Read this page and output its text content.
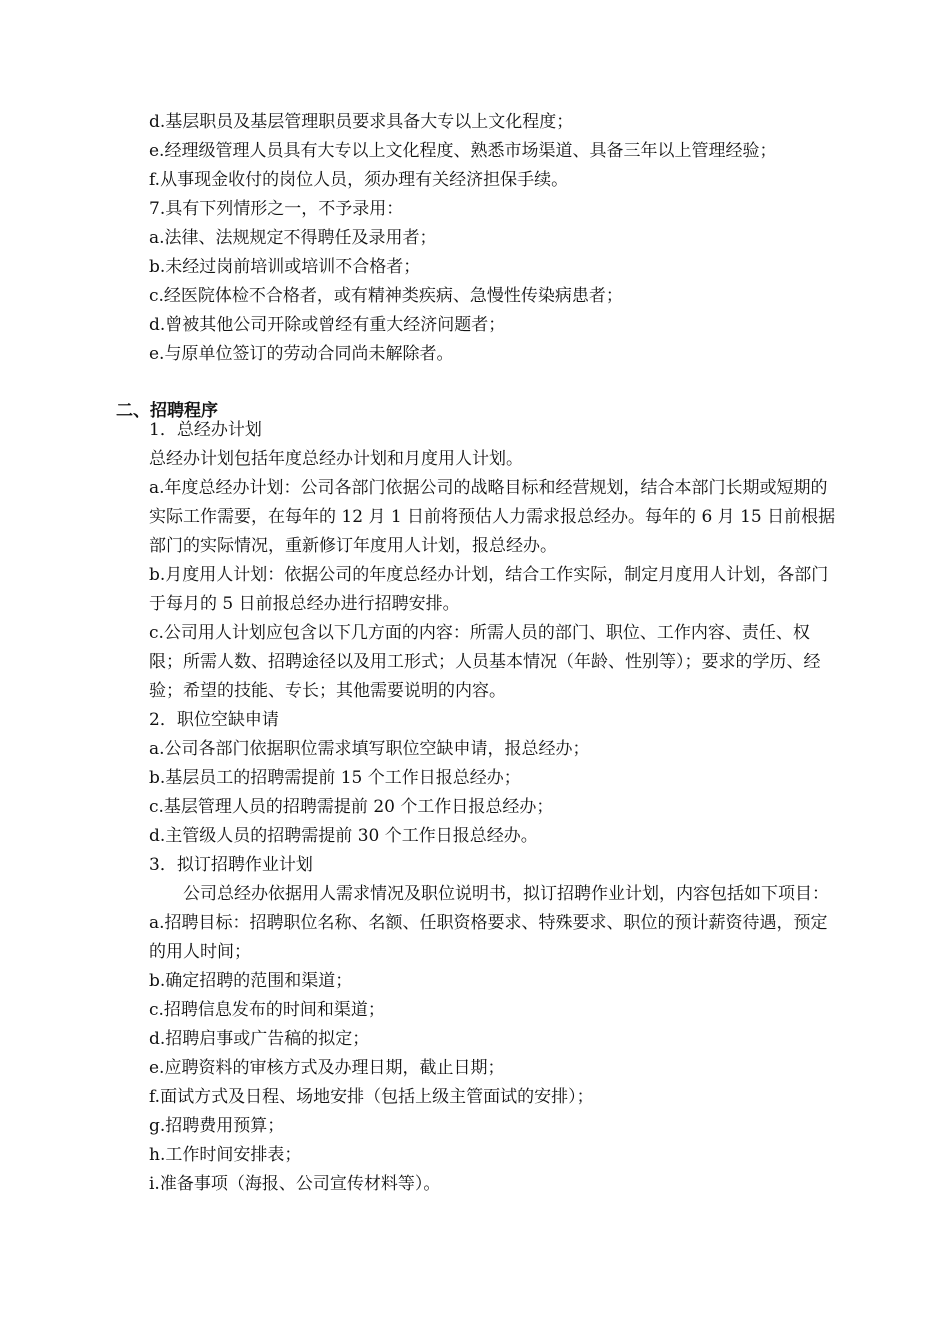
d.基层职员及基层管理职员要求具备大专以上文化程度；

e.经理级管理人员具有大专以上文化程度、熟悉市场渠道、具备三年以上管理经验；

f.从事现金收付的岗位人员，须办理有关经济担保手续。

7.具有下列情形之一，不予录用：

a.法律、法规规定不得聘任及录用者；

b.未经过岗前培训或培训不合格者；

c.经医院体检不合格者，或有精神类疾病、急慢性传染病患者；

d.曾被其他公司开除或曾经有重大经济问题者；

e.与原单位签订的劳动合同尚未解除者。

二、招聘程序

1．总经办计划

总经办计划包括年度总经办计划和月度用人计划。

a.年度总经办计划：公司各部门依据公司的战略目标和经营规划，结合本部门长期或短期的实际工作需要，在每年的 12 月 1 日前将预估人力需求报总经办。每年的 6 月 15 日前根据部门的实际情况，重新修订年度用人计划，报总经办。

b.月度用人计划：依据公司的年度总经办计划，结合工作实际，制定月度用人计划，各部门于每月的 5 日前报总经办进行招聘安排。

c.公司用人计划应包含以下几方面的内容：所需人员的部门、职位、工作内容、责任、权限；所需人数、招聘途径以及用工形式；人员基本情况（年龄、性别等）；要求的学历、经验；希望的技能、专长；其他需要说明的内容。

2．职位空缺申请

a.公司各部门依据职位需求填写职位空缺申请，报总经办；

b.基层员工的招聘需提前 15 个工作日报总经办；

c.基层管理人员的招聘需提前 20 个工作日报总经办；

d.主管级人员的招聘需提前 30 个工作日报总经办。

3．拟订招聘作业计划

公司总经办依据用人需求情况及职位说明书，拟订招聘作业计划，内容包括如下项目：

a.招聘目标：招聘职位名称、名额、任职资格要求、特殊要求、职位的预计薪资待遇，预定的用人时间；

b.确定招聘的范围和渠道；

c.招聘信息发布的时间和渠道；

d.招聘启事或广告稿的拟定；

e.应聘资料的审核方式及办理日期，截止日期；

f.面试方式及日程、场地安排（包括上级主管面试的安排）；

g.招聘费用预算；

h.工作时间安排表；

i.准备事项（海报、公司宣传材料等）。
